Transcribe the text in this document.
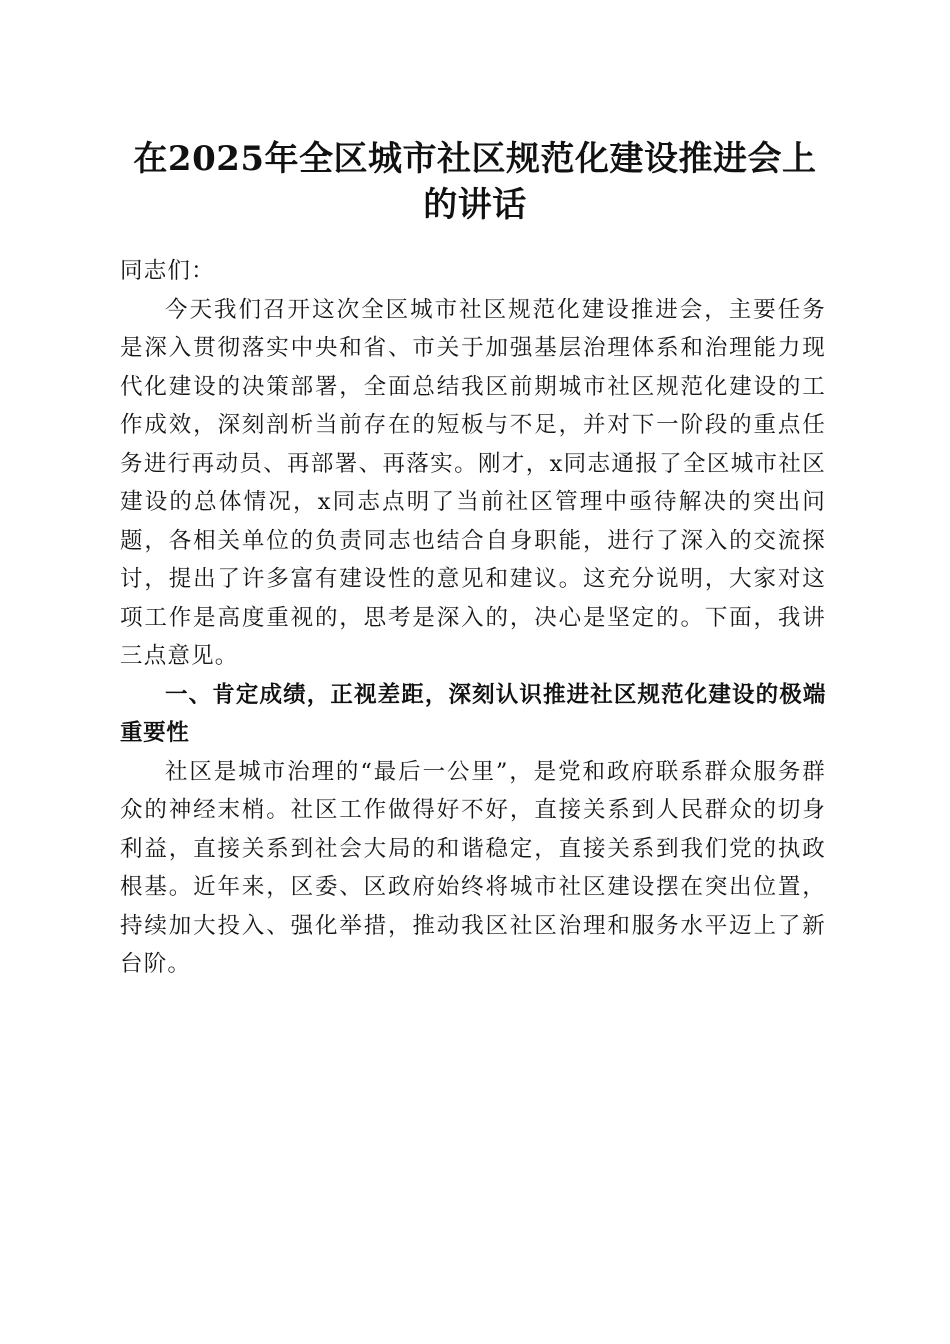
在2025年全区城市社区规范化建设推进会上
的讲话

同志们：

今天我们召开这次全区城市社区规范化建设推进会，主要任务是深入贯彻落实中央和省、市关于加强基层治理体系和治理能力现代化建设的决策部署，全面总结我区前期城市社区规范化建设的工作成效，深刻剖析当前存在的短板与不足，并对下一阶段的重点任务进行再动员、再部署、再落实。刚才，x同志通报了全区城市社区建设的总体情况，x同志点明了当前社区管理中亟待解决的突出问题，各相关单位的负责同志也结合自身职能，进行了深入的交流探讨，提出了许多富有建设性的意见和建议。这充分说明，大家对这项工作是高度重视的，思考是深入的，决心是坚定的。下面，我讲三点意见。

一、肯定成绩，正视差距，深刻认识推进社区规范化建设的极端重要性

社区是城市治理的“最后一公里”，是党和政府联系群众服务群众的神经末梢。社区工作做得好不好，直接关系到人民群众的切身利益，直接关系到社会大局的和谐稳定，直接关系到我们党的执政根基。近年来，区委、区政府始终将城市社区建设摆在突出位置，持续加大投入、强化举措，推动我区社区治理和服务水平迈上了新台阶。
